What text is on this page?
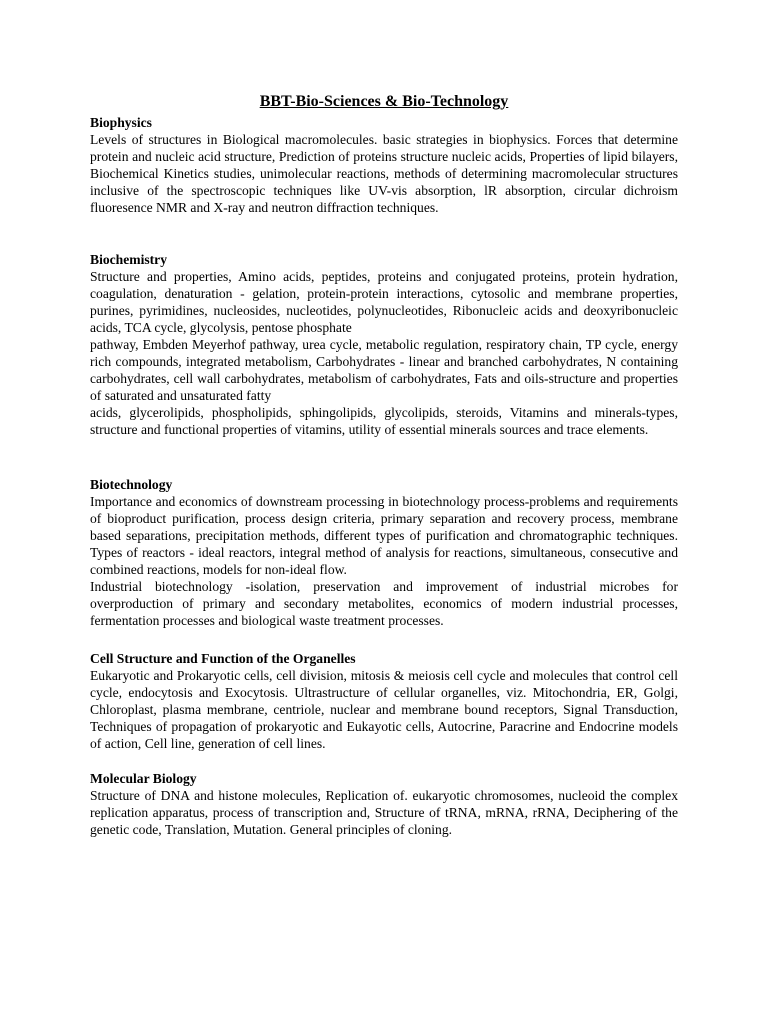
BBT-Bio-Sciences & Bio-Technology
Biophysics
Levels of structures in Biological macromolecules. basic strategies in biophysics. Forces that determine protein and nucleic acid structure, Prediction of proteins structure nucleic acids, Properties of lipid bilayers, Biochemical Kinetics studies, unimolecular reactions, methods of determining macromolecular structures inclusive of the spectroscopic techniques like UV-vis absorption, lR absorption, circular dichroism fluoresence NMR and X-ray and neutron diffraction techniques.
Biochemistry
Structure and properties, Amino acids, peptides, proteins and conjugated proteins, protein hydration, coagulation, denaturation - gelation, protein-protein interactions, cytosolic and membrane properties, purines, pyrimidines, nucleosides, nucleotides, polynucleotides, Ribonucleic acids and deoxyribonucleic acids, TCA cycle, glycolysis, pentose phosphate
pathway, Embden Meyerhof pathway, urea cycle, metabolic regulation, respiratory chain, TP cycle, energy rich compounds, integrated metabolism, Carbohydrates - linear and branched carbohydrates, N containing carbohydrates, cell wall carbohydrates, metabolism of carbohydrates, Fats and oils-structure and properties of saturated and unsaturated fatty
acids, glycerolipids, phospholipids, sphingolipids, glycolipids, steroids, Vitamins and minerals-types, structure and functional properties of vitamins, utility of essential minerals sources and trace elements.
Biotechnology
Importance and economics of downstream processing in biotechnology process-problems and requirements of bioproduct purification, process design criteria, primary separation and recovery process, membrane based separations, precipitation methods, different types of purification and chromatographic techniques. Types of reactors - ideal reactors, integral method of analysis for reactions, simultaneous, consecutive and combined reactions, models for non-ideal flow.
Industrial biotechnology -isolation, preservation and improvement of industrial microbes for overproduction of primary and secondary metabolites, economics of modern industrial processes, fermentation processes and biological waste treatment processes.
Cell Structure and Function of the Organelles
Eukaryotic and Prokaryotic cells, cell division, mitosis & meiosis cell cycle and molecules that control cell cycle, endocytosis and Exocytosis. Ultrastructure of cellular organelles, viz. Mitochondria, ER, Golgi, Chloroplast, plasma membrane, centriole, nuclear and membrane bound receptors, Signal Transduction, Techniques of propagation of prokaryotic and Eukayotic cells, Autocrine, Paracrine and Endocrine models of action, Cell line, generation of cell lines.
Molecular Biology
Structure of DNA and histone molecules, Replication of. eukaryotic chromosomes, nucleoid the complex replication apparatus, process of transcription and, Structure of tRNA, mRNA, rRNA, Deciphering of the genetic code, Translation, Mutation. General principles of cloning.
